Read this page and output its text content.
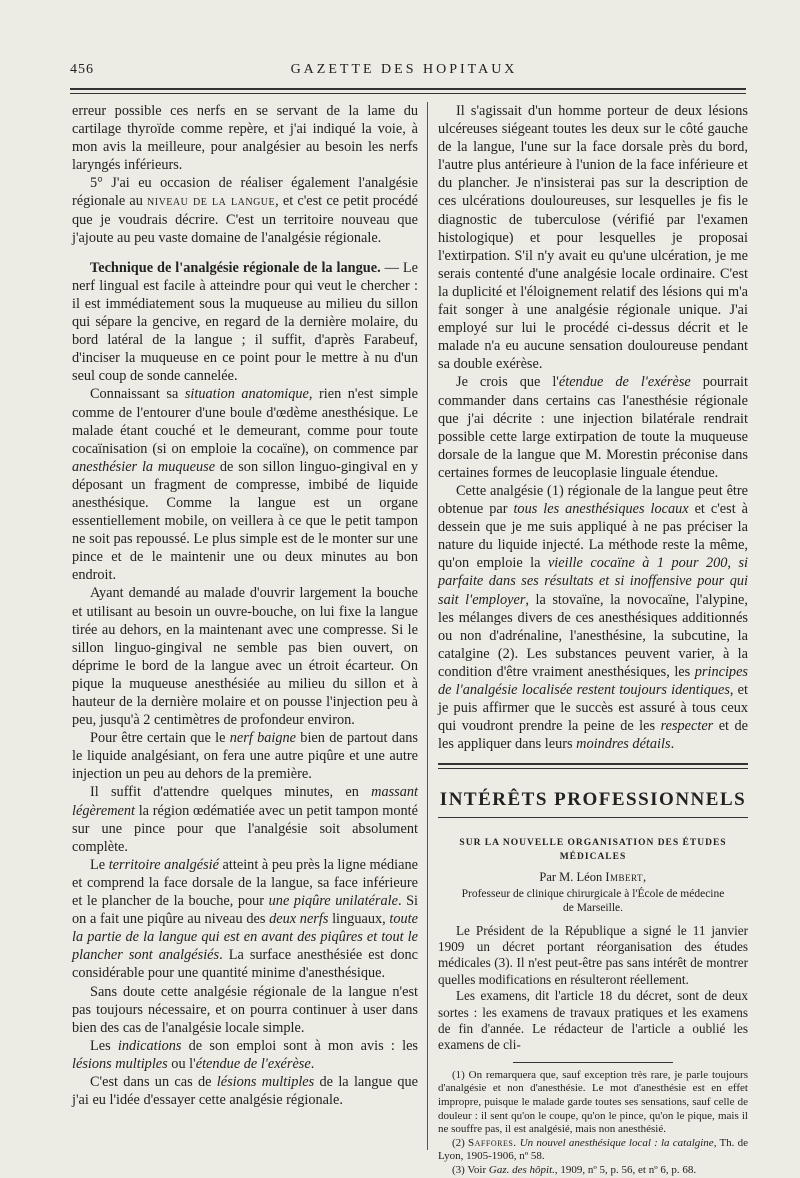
456	GAZETTE DES HOPITAUX

erreur possible ces nerfs en se servant de la lame du cartilage thyroïde comme repère, et j'ai indiqué la voie, à mon avis la meilleure, pour analgésier au besoin les nerfs laryngés inférieurs.

5° J'ai eu occasion de réaliser également l'analgésie régionale au niveau de la langue, et c'est ce petit procédé que je voudrais décrire. C'est un territoire nouveau que j'ajoute au peu vaste domaine de l'analgésie régionale.

Technique de l'analgésie régionale de la langue. — Le nerf lingual est facile à atteindre pour qui veut le chercher : il est immédiatement sous la muqueuse au milieu du sillon qui sépare la gencive, en regard de la dernière molaire, du bord latéral de la langue ; il suffit, d'après Farabeuf, d'inciser la muqueuse en ce point pour le mettre à nu d'un seul coup de sonde cannelée.

Connaissant sa situation anatomique, rien n'est simple comme de l'entourer d'une boule d'œdème anesthésique. Le malade étant couché et le demeurant, comme pour toute cocaïnisation (si on emploie la cocaïne), on commence par anesthésier la muqueuse de son sillon linguo-gingival en y déposant un fragment de compresse, imbibé de liquide anesthésique. Comme la langue est un organe essentiellement mobile, on veillera à ce que le petit tampon ne soit pas repoussé. Le plus simple est de le monter sur une pince et de le maintenir une ou deux minutes au bon endroit.

Ayant demandé au malade d'ouvrir largement la bouche et utilisant au besoin un ouvre-bouche, on lui fixe la langue tirée au dehors, en la maintenant avec une compresse. Si le sillon linguo-gingival ne semble pas bien ouvert, on déprime le bord de la langue avec un étroit écarteur. On pique la muqueuse anesthésiée au milieu du sillon et à hauteur de la dernière molaire et on pousse l'injection peu à peu, jusqu'à 2 centimètres de profondeur environ.

Pour être certain que le nerf baigne bien de partout dans le liquide analgésiant, on fera une autre piqûre et une autre injection un peu au dehors de la première.

Il suffit d'attendre quelques minutes, en massant légèrement la région œdématiée avec un petit tampon monté sur une pince pour que l'analgésie soit absolument complète.

Le territoire analgésié atteint à peu près la ligne médiane et comprend la face dorsale de la langue, sa face inférieure et le plancher de la bouche, pour une piqûre unilatérale. Si on a fait une piqûre au niveau des deux nerfs linguaux, toute la partie de la langue qui est en avant des piqûres et tout le plancher sont analgésiés. La surface anesthésiée est donc considérable pour une quantité minime d'anesthésique.

Sans doute cette analgésie régionale de la langue n'est pas toujours nécessaire, et on pourra continuer à user dans bien des cas de l'analgésie locale simple.

Les indications de son emploi sont à mon avis : les lésions multiples ou l'étendue de l'exérèse.

C'est dans un cas de lésions multiples de la langue que j'ai eu l'idée d'essayer cette analgésie régionale.

Il s'agissait d'un homme porteur de deux lésions ulcéreuses siégeant toutes les deux sur le côté gauche de la langue, l'une sur la face dorsale près du bord, l'autre plus antérieure à l'union de la face inférieure et du plancher. Je n'insisterai pas sur la description de ces ulcérations douloureuses, sur lesquelles je fis le diagnostic de tuberculose (vérifié par l'examen histologique) et pour lesquelles je proposai l'extirpation. S'il n'y avait eu qu'une ulcération, je me serais contenté d'une analgésie locale ordinaire. C'est la duplicité et l'éloignement relatif des lésions qui m'a fait songer à une analgésie régionale unique. J'ai employé sur lui le procédé ci-dessus décrit et le malade n'a eu aucune sensation douloureuse pendant sa double exérèse.

Je crois que l'étendue de l'exérèse pourrait commander dans certains cas l'anesthésie régionale que j'ai décrite : une injection bilatérale rendrait possible cette large extirpation de toute la muqueuse dorsale de la langue que M. Morestin préconise dans certaines formes de leucoplasie linguale étendue.

Cette analgésie (1) régionale de la langue peut être obtenue par tous les anesthésiques locaux et c'est à dessein que je me suis appliqué à ne pas préciser la nature du liquide injecté. La méthode reste la même, qu'on emploie la vieille cocaïne à 1 pour 200, si parfaite dans ses résultats et si inoffensive pour qui sait l'employer, la stovaïne, la novocaïne, l'alypine, les mélanges divers de ces anesthésiques additionnés ou non d'adrénaline, l'anesthésine, la subcutine, la catalgine (2). Les substances peuvent varier, à la condition d'être vraiment anesthésiques, les principes de l'analgésie localisée restent toujours identiques, et je puis affirmer que le succès est assuré à tous ceux qui voudront prendre la peine de les respecter et de les appliquer dans leurs moindres détails.

INTÉRÊTS PROFESSIONNELS
SUR LA NOUVELLE ORGANISATION DES ÉTUDES
MÉDICALES
Par M. Léon Imbert,
Professeur de clinique chirurgicale à l'École de médecine
de Marseille.

Le Président de la République a signé le 11 janvier 1909 un décret portant réorganisation des études médicales (3). Il n'est peut-être pas sans intérêt de montrer quelles modifications en résulteront réellement.

Les examens, dit l'article 18 du décret, sont de deux sortes : les examens de travaux pratiques et les examens de fin d'année. Le rédacteur de l'article a oublié les examens de cli-

(1) On remarquera que, sauf exception très rare, je parle toujours d'analgésie et non d'anesthésie. Le mot d'anesthésie est en effet impropre, puisque le malade garde toutes ses sensations, sauf celle de douleur : il sent qu'on le coupe, qu'on le pince, qu'on le pique, mais il ne souffre pas, il est analgésié, mais non anesthésié.

(2) Saffores. Un nouvel anesthésique local : la catalgine, Th. de Lyon, 1905-1906, nº 58.

(3) Voir Gaz. des hôpit., 1909, nº 5, p. 56, et nº 6, p. 68.
